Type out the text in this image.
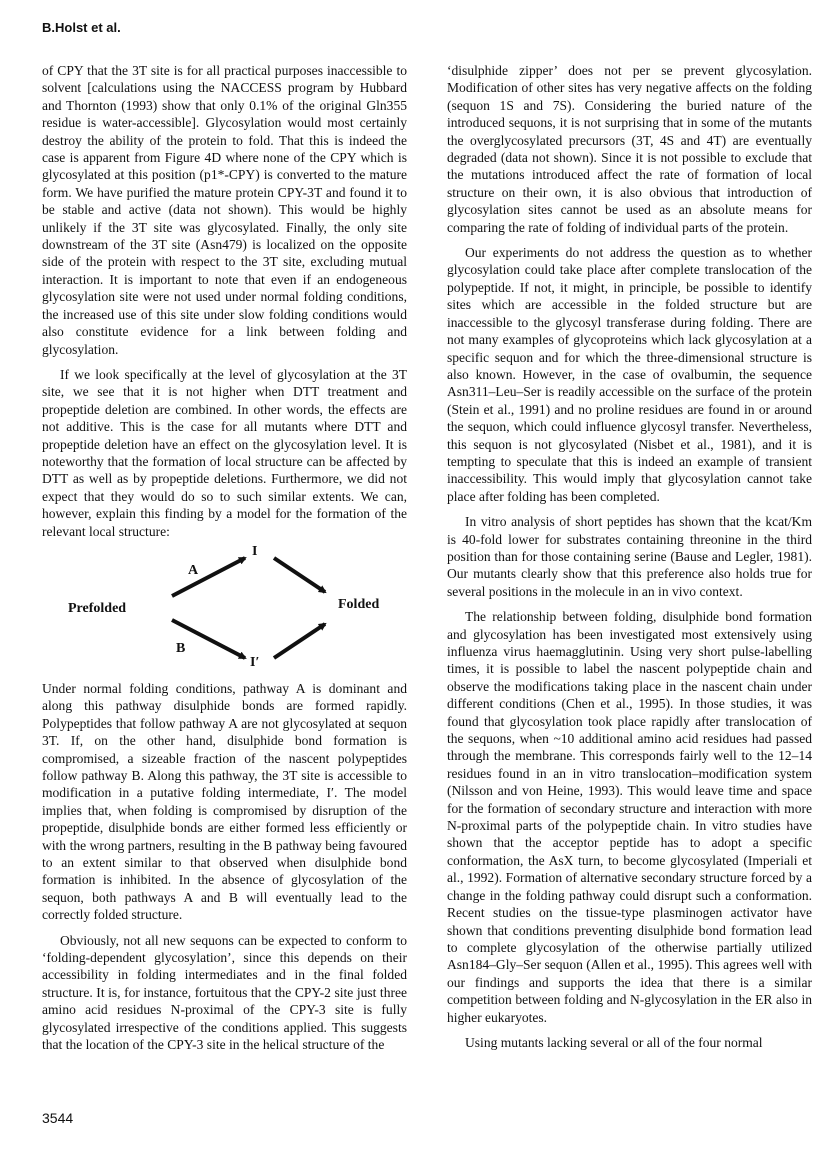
B.Holst et al.

of CPY that the 3T site is for all practical purposes inaccessible to solvent [calculations using the NACCESS program by Hubbard and Thornton (1993) show that only 0.1% of the original Gln355 residue is water-accessible]. Glycosylation would most certainly destroy the ability of the protein to fold. That this is indeed the case is apparent from Figure 4D where none of the CPY which is glycosylated at this position (p1*-CPY) is converted to the mature form. We have purified the mature protein CPY-3T and found it to be stable and active (data not shown). This would be highly unlikely if the 3T site was glycosylated. Finally, the only site downstream of the 3T site (Asn479) is localized on the opposite side of the protein with respect to the 3T site, excluding mutual interaction. It is important to note that even if an endogeneous glycosylation site were not used under normal folding conditions, the increased use of this site under slow folding conditions would also constitute evidence for a link between folding and glycosylation.

If we look specifically at the level of glycosylation at the 3T site, we see that it is not higher when DTT treatment and propeptide deletion are combined. In other words, the effects are not additive. This is the case for all mutants where DTT and propeptide deletion have an effect on the glycosylation level. It is noteworthy that the formation of local structure can be affected by DTT as well as by propeptide deletions. Furthermore, we did not expect that they would do so to such similar extents. We can, however, explain this finding by a model for the formation of the relevant local structure:

Prefolded	Folded
A
B
I
I′

Under normal folding conditions, pathway A is dominant and along this pathway disulphide bonds are formed rapidly. Polypeptides that follow pathway A are not glycosylated at sequon 3T. If, on the other hand, disulphide bond formation is compromised, a sizeable fraction of the nascent polypeptides follow pathway B. Along this pathway, the 3T site is accessible to modification in a putative folding intermediate, I′. The model implies that, when folding is compromised by disruption of the propeptide, disulphide bonds are either formed less efficiently or with the wrong partners, resulting in the B pathway being favoured to an extent similar to that observed when disulphide bond formation is inhibited. In the absence of glycosylation of the sequon, both pathways A and B will eventually lead to the correctly folded structure.

Obviously, not all new sequons can be expected to conform to ‘folding-dependent glycosylation’, since this depends on their accessibility in folding intermediates and in the final folded structure. It is, for instance, fortuitous that the CPY-2 site just three amino acid residues N-proximal of the CPY-3 site is fully glycosylated irrespective of the conditions applied. This suggests that the location of the CPY-3 site in the helical structure of the

‘disulphide zipper’ does not per se prevent glycosylation. Modification of other sites has very negative affects on the folding (sequon 1S and 7S). Considering the buried nature of the introduced sequons, it is not surprising that in some of the mutants the overglycosylated precursors (3T, 4S and 4T) are eventually degraded (data not shown). Since it is not possible to exclude that the mutations introduced affect the rate of formation of local structure on their own, it is also obvious that introduction of glycosylation sites cannot be used as an absolute means for comparing the rate of folding of individual parts of the protein.

Our experiments do not address the question as to whether glycosylation could take place after complete translocation of the polypeptide. If not, it might, in principle, be possible to identify sites which are accessible in the folded structure but are inaccessible to the glycosyl transferase during folding. There are not many examples of glycoproteins which lack glycosylation at a specific sequon and for which the three-dimensional structure is also known. However, in the case of ovalbumin, the sequence Asn311–Leu–Ser is readily accessible on the surface of the protein (Stein et al., 1991) and no proline residues are found in or around the sequon, which could influence glycosyl transfer. Nevertheless, this sequon is not glycosylated (Nisbet et al., 1981), and it is tempting to speculate that this is indeed an example of transient inaccessibility. This would imply that glycosylation cannot take place after folding has been completed.

In vitro analysis of short peptides has shown that the kcat/Km is 40-fold lower for substrates containing threonine in the third position than for those containing serine (Bause and Legler, 1981). Our mutants clearly show that this preference also holds true for several positions in the molecule in an in vivo context.

The relationship between folding, disulphide bond formation and glycosylation has been investigated most extensively using influenza virus haemagglutinin. Using very short pulse-labelling times, it is possible to label the nascent polypeptide chain and observe the modifications taking place in the nascent chain under different conditions (Chen et al., 1995). In those studies, it was found that glycosylation took place rapidly after translocation of the sequons, when ~10 additional amino acid residues had passed through the membrane. This corresponds fairly well to the 12–14 residues found in an in vitro translocation–modification system (Nilsson and von Heine, 1993). This would leave time and space for the formation of secondary structure and interaction with more N-proximal parts of the polypeptide chain. In vitro studies have shown that the acceptor peptide has to adopt a specific conformation, the AsX turn, to become glycosylated (Imperiali et al., 1992). Formation of alternative secondary structure forced by a change in the folding pathway could disrupt such a conformation. Recent studies on the tissue-type plasminogen activator have shown that conditions preventing disulphide bond formation lead to complete glycosylation of the otherwise partially utilized Asn184–Gly–Ser sequon (Allen et al., 1995). This agrees well with our findings and supports the idea that there is a similar competition between folding and N-glycosylation in the ER also in higher eukaryotes.

Using mutants lacking several or all of the four normal

3544
